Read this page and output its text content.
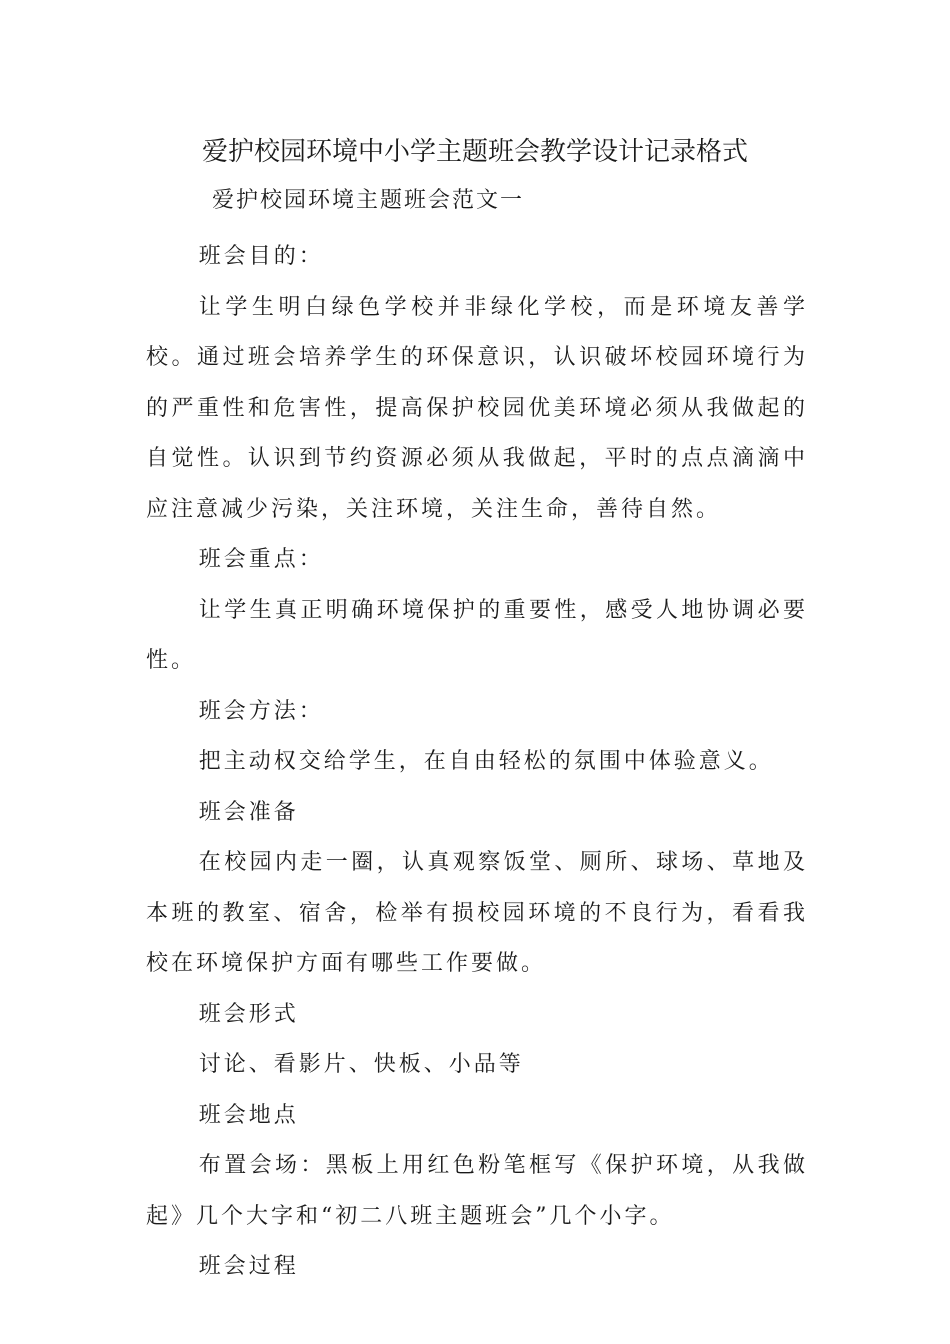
爱护校园环境中小学主题班会教学设计记录格式

爱护校园环境主题班会范文一

班会目的：

让学生明白绿色学校并非绿化学校，而是环境友善学校。通过班会培养学生的环保意识，认识破坏校园环境行为的严重性和危害性，提高保护校园优美环境必须从我做起的自觉性。认识到节约资源必须从我做起，平时的点点滴滴中应注意减少污染，关注环境，关注生命，善待自然。

班会重点：

让学生真正明确环境保护的重要性，感受人地协调必要性。

班会方法：

把主动权交给学生，在自由轻松的氛围中体验意义。

班会准备

在校园内走一圈，认真观察饭堂、厕所、球场、草地及本班的教室、宿舍，检举有损校园环境的不良行为，看看我校在环境保护方面有哪些工作要做。

班会形式

讨论、看影片、快板、小品等

班会地点

布置会场：黑板上用红色粉笔框写《保护环境，从我做起》几个大字和“初二八班主题班会”几个小字。

班会过程
